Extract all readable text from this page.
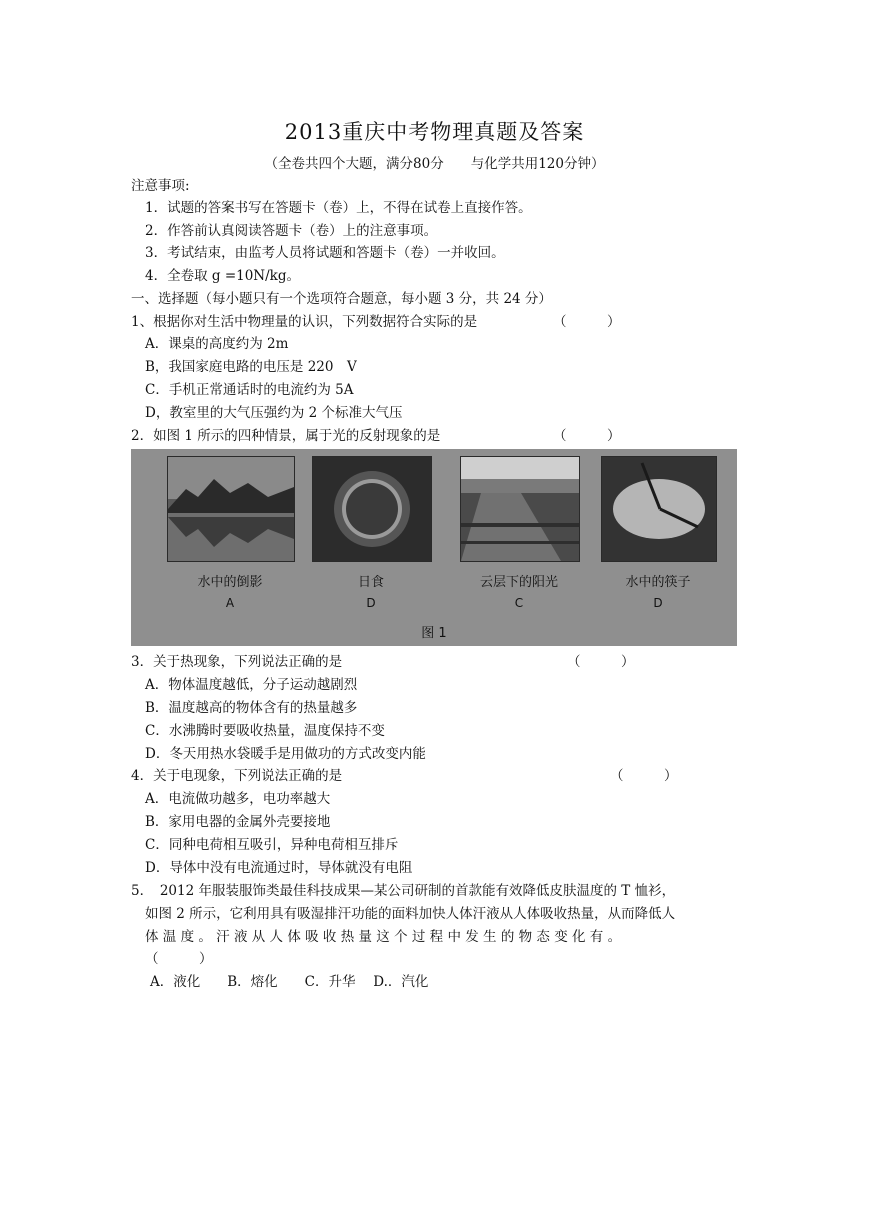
2013重庆中考物理真题及答案
（全卷共四个大题，满分80分　　与化学共用120分钟）
注意事项:
1．试题的答案书写在答题卡（卷）上，不得在试卷上直接作答。
2．作答前认真阅读答题卡（卷）上的注意事项。
3．考试结束，由监考人员将试题和答题卡（卷）一并收回。
4．全卷取 g =10N/kg。
一、选择题（每小题只有一个选项符合题意，每小题 3 分，共 24 分）
1、根据你对生活中物理量的认识，下列数据符合实际的是	（　　　）
A．课桌的高度约为 2m
B，我国家庭电路的电压是 220　V
C．手机正常通话时的电流约为 5A
D，教室里的大气压强约为 2 个标准大气压
2．如图 1 所示的四种情景，属于光的反射现象的是	（　　　）
水中的倒影	日食	云层下的阳光	水中的筷子
A	D	C	D
图 1
3．关于热现象，下列说法正确的是	（　　　）
A．物体温度越低，分子运动越剧烈
B．温度越高的物体含有的热量越多
C．水沸腾时要吸收热量，温度保持不变
D．冬天用热水袋暖手是用做功的方式改变内能
4．关于电现象，下列说法正确的是	（　　　）
A．电流做功越多，电功率越大
B．家用电器的金属外壳要接地
C．同种电荷相互吸引，异种电荷相互排斥
D．导体中没有电流通过时，导体就没有电阻
5．　2012 年服装服饰类最佳科技成果—某公司研制的首款能有效降低皮肤温度的 T 恤衫，
如图 2 所示，它利用具有吸湿排汗功能的面料加快人体汗液从人体吸收热量，从而降低人
体 温 度 。 汗 液 从 人 体 吸 收 热 量 这 个 过 程 中 发 生 的 物 态 变 化 有 。
（　　　）
A．液化　　B．熔化　　C．升华　 D.．汽化
